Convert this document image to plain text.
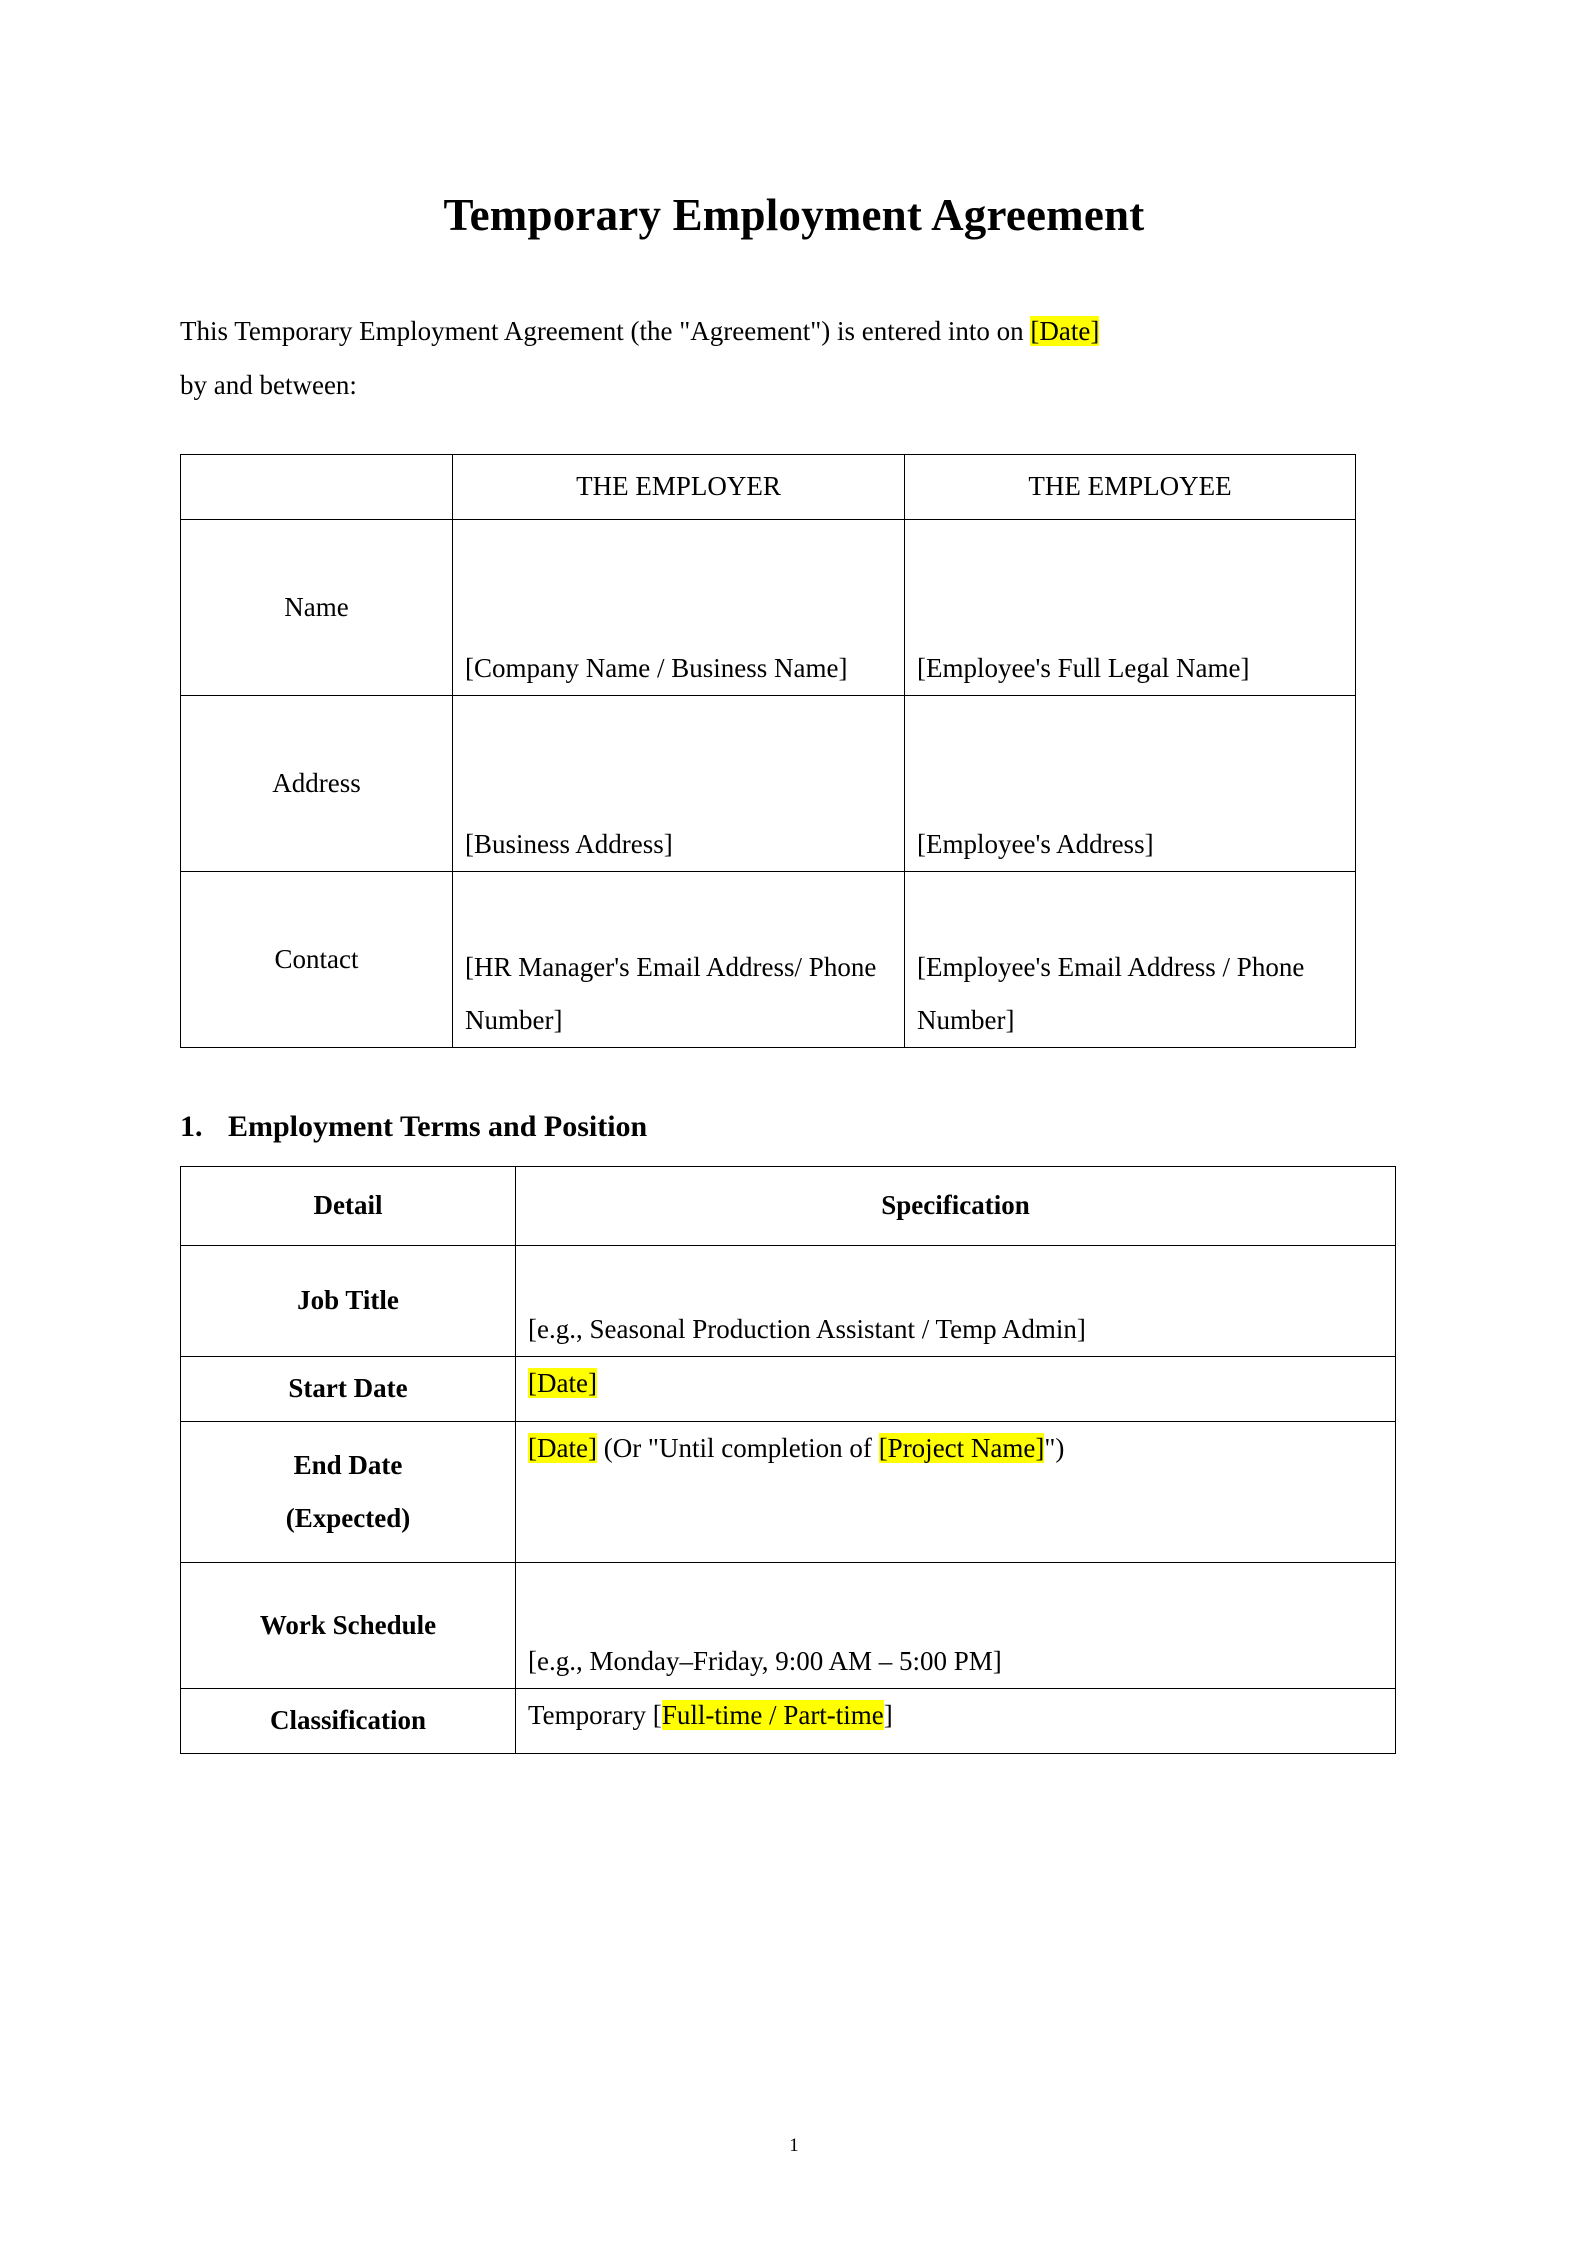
Temporary Employment Agreement

This Temporary Employment Agreement (the "Agreement") is entered into on [Date]
by and between:

	THE EMPLOYER	THE EMPLOYEE
Name	[Company Name / Business Name]	[Employee's Full Legal Name]
Address	[Business Address]	[Employee's Address]
Contact	[HR Manager's Email Address/ Phone Number]	[Employee's Email Address / Phone Number]
1. Employment Terms and Position
Detail	Specification
Job Title	[e.g., Seasonal Production Assistant / Temp Admin]
Start Date	[Date]
End Date
(Expected)	[Date] (Or "Until completion of [Project Name]")
Work Schedule	[e.g., Monday–Friday, 9:00 AM – 5:00 PM]
Classification	Temporary [Full-time / Part-time]
1
